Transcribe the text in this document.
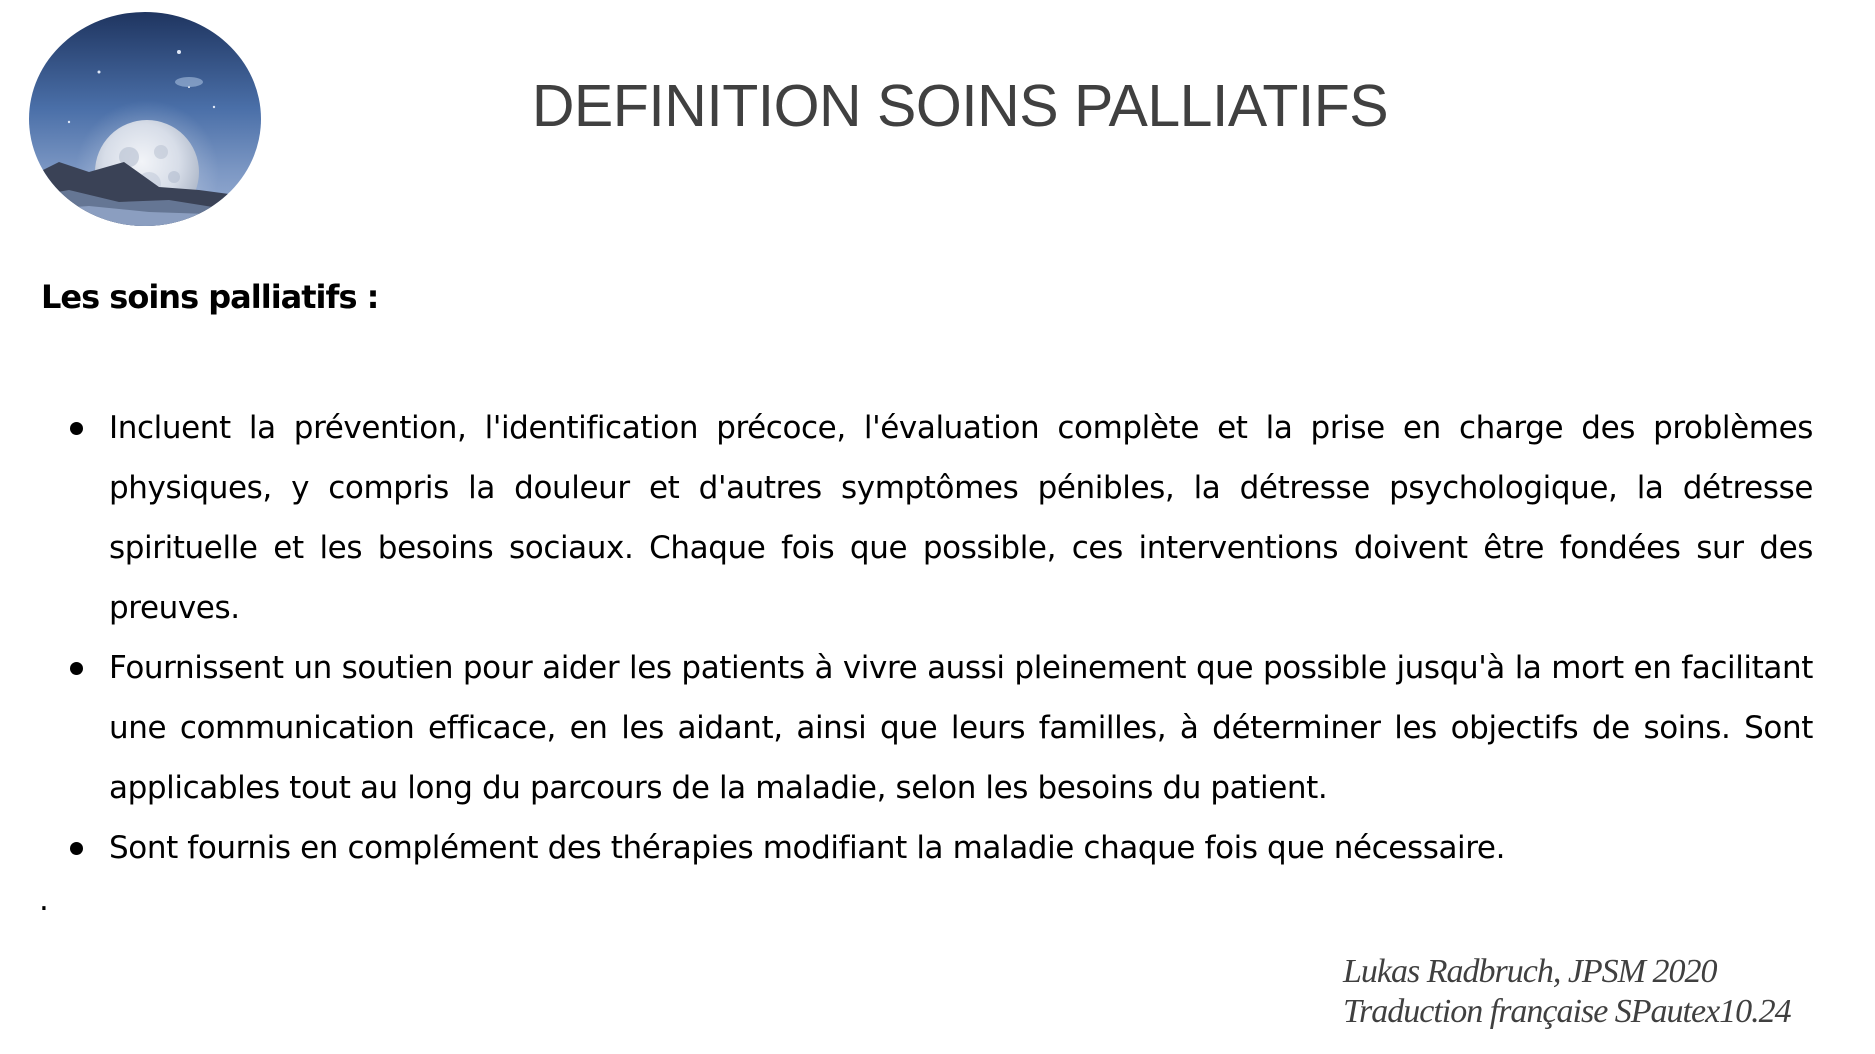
DEFINITION SOINS PALLIATIFS
Les soins palliatifs :
Incluent la prévention, l'identification précoce, l'évaluation complète et la prise en charge des problèmes physiques, y compris la douleur et d'autres symptômes pénibles, la détresse psychologique, la détresse spirituelle et les besoins sociaux. Chaque fois que possible, ces interventions doivent être fondées sur des preuves.
Fournissent un soutien pour aider les patients à vivre aussi pleinement que possible jusqu'à la mort en facilitant une communication efficace, en les aidant, ainsi que leurs familles, à déterminer les objectifs de soins. Sont applicables tout au long du parcours de la maladie, selon les besoins du patient.
Sont fournis en complément des thérapies modifiant la maladie chaque fois que nécessaire.
.
Lukas Radbruch, JPSM 2020
Traduction française SPautex10.24
